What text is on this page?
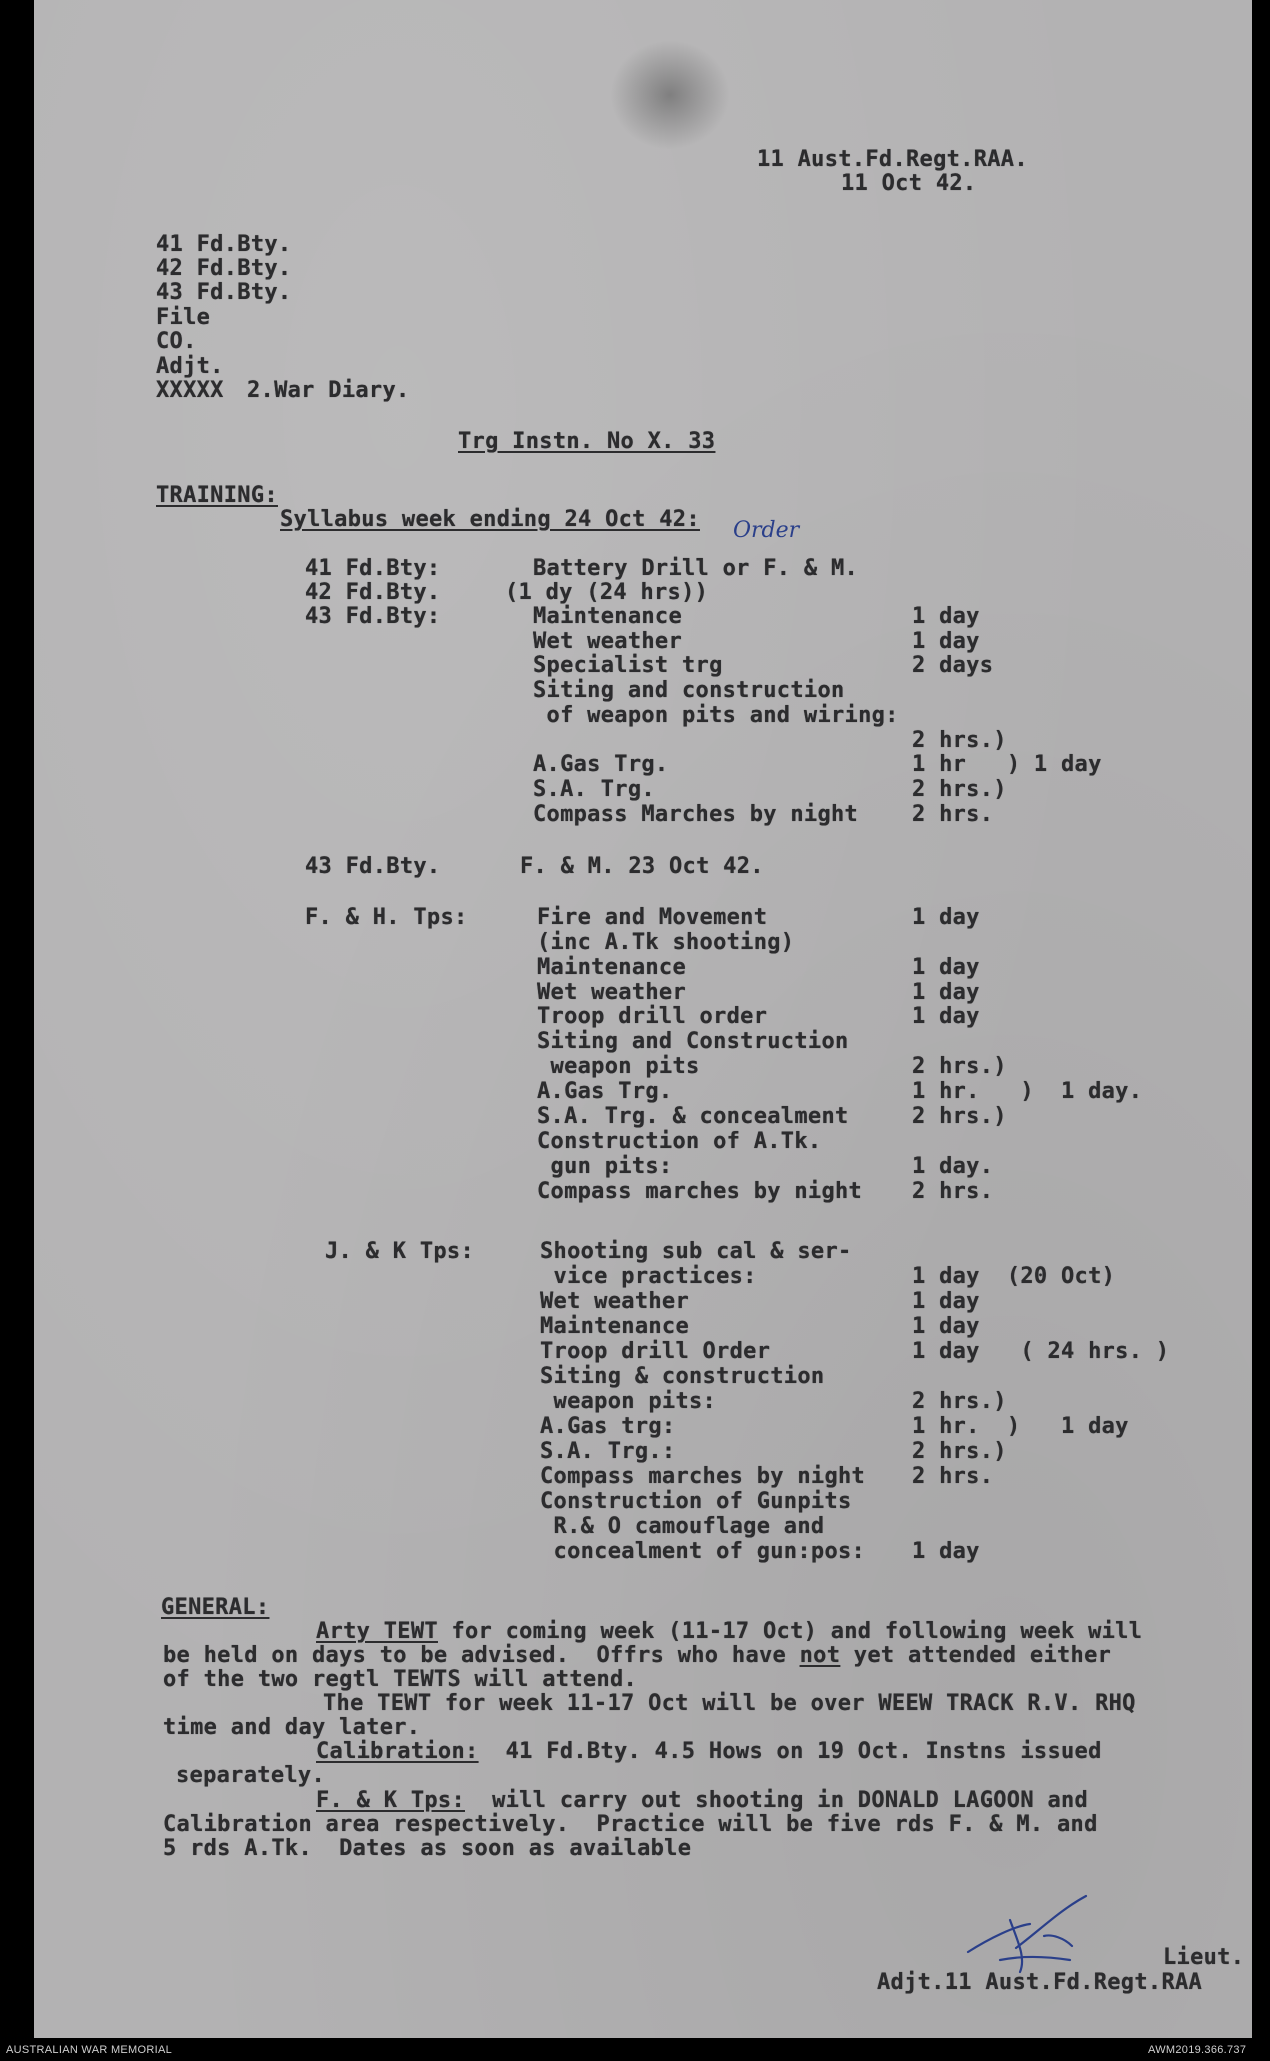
11 Aust.Fd.Regt.RAA.
11 Oct 42.
41 Fd.Bty.
42 Fd.Bty.
43 Fd.Bty.
File
CO.
Adjt.
XXXXX 2.War Diary.
Trg Instn. No X. 33
TRAINING:
Syllabus week ending 24 Oct 42:
41 Fd.Bty:	Battery Drill or F. & M.
Order
42 Fd.Bty.	(1 dy (24 hrs))
43 Fd.Bty:	Maintenance	1 day
Wet weather	1 day
Specialist trg	2 days
Siting and construction
of weapon pits and wiring:
2 hrs.)
A.Gas Trg.	1 hr   ) 1 day
S.A. Trg.	2 hrs.)
Compass Marches by night 2 hrs.
43 Fd.Bty.	F. & M. 23 Oct 42.
F. & H. Tps:	Fire and Movement	1 day
(inc A.Tk shooting)
Maintenance	1 day
Wet weather	1 day
Troop drill order	1 day
Siting and Construction
weapon pits	2 hrs.)
A.Gas Trg.	1 hr.   )  1 day.
S.A. Trg. & concealment	2 hrs.)
Construction of A.Tk.
gun pits:	1 day.
Compass marches by night 2 hrs.
J. & K Tps:	Shooting sub cal & ser-
vice practices:	1 day  (20 Oct)
Wet weather	1 day
Maintenance	1 day
Troop drill Order	1 day   ( 24 hrs. )
Siting & construction
weapon pits:	2 hrs.)
A.Gas trg:	1 hr.  )   1 day
S.A. Trg.:	2 hrs.)
Compass marches by night 2 hrs.
Construction of Gunpits
R.& O camouflage and
concealment of gun:pos: 1 day
GENERAL:
Arty TEWT for coming week (11-17 Oct) and following week will
be held on days to be advised.  Offrs who have not yet attended either
of the two regtl TEWTS will attend.
The TEWT for week 11-17 Oct will be over WEEW TRACK R.V. RHQ
time and day later.
Calibration:  41 Fd.Bty. 4.5 Hows on 19 Oct. Instns issued
separately.
F. & K Tps:  will carry out shooting in DONALD LAGOON and
Calibration area respectively.  Practice will be five rds F. & M. and
5 rds A.Tk.  Dates as soon as available
Lieut.
Adjt.11 Aust.Fd.Regt.RAA
AUSTRALIAN WAR MEMORIAL	AWM2019.366.737
